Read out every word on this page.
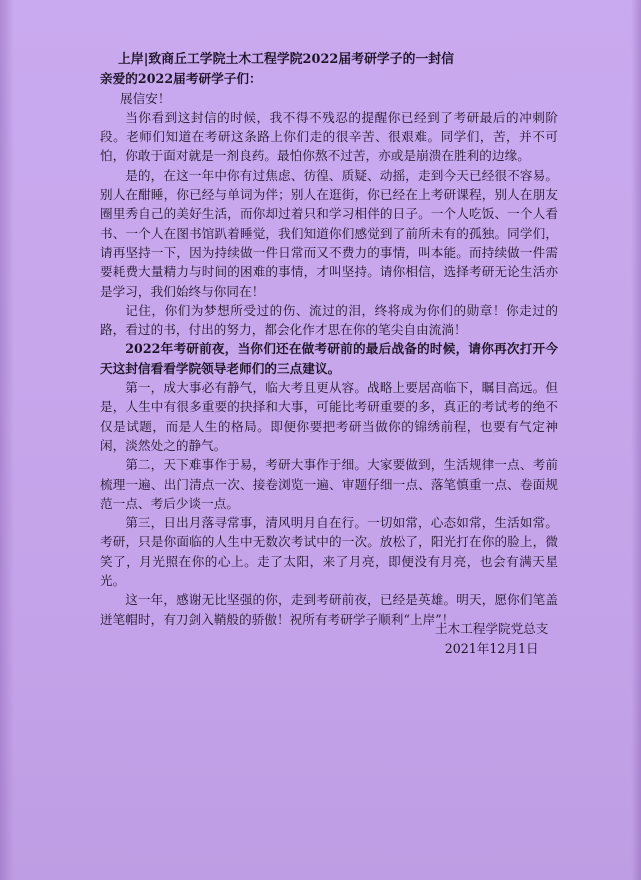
上岸|致商丘工学院土木工程学院2022届考研学子的一封信

亲爱的2022届考研学子们：

展信安！

当你看到这封信的时候，我不得不残忍的提醒你已经到了考研最后的冲刺阶段。老师们知道在考研这条路上你们走的很辛苦、很艰难。同学们，苦，并不可怕，你敢于面对就是一剂良药。最怕你熬不过苦，亦或是崩溃在胜利的边缘。

是的，在这一年中你有过焦虑、彷徨、质疑、动摇，走到今天已经很不容易。别人在酣睡，你已经与单词为伴；别人在逛街，你已经在上考研课程，别人在朋友圈里秀自己的美好生活，而你却过着只和学习相伴的日子。一个人吃饭、一个人看书、一个人在图书馆趴着睡觉，我们知道你们感觉到了前所未有的孤独。同学们，请再坚持一下，因为持续做一件日常而又不费力的事情，叫本能。而持续做一件需要耗费大量精力与时间的困难的事情，才叫坚持。请你相信，选择考研无论生活亦是学习，我们始终与你同在！

记住，你们为梦想所受过的伤、流过的泪，终将成为你们的勋章！你走过的路，看过的书，付出的努力，都会化作才思在你的笔尖自由流淌！

2022年考研前夜，当你们还在做考研前的最后战备的时候，请你再次打开今天这封信看看学院领导老师们的三点建议。

第一，成大事必有静气，临大考且更从容。战略上要居高临下，瞩目高远。但是，人生中有很多重要的抉择和大事，可能比考研重要的多，真正的考试考的绝不仅是试题，而是人生的格局。即便你要把考研当做你的锦绣前程，也要有气定神闲，淡然处之的静气。

第二，天下难事作于易，考研大事作于细。大家要做到，生活规律一点、考前梳理一遍、出门清点一次、接卷浏览一遍、审题仔细一点、落笔慎重一点、卷面规范一点、考后少谈一点。

第三，日出月落寻常事，清风明月自在行。一切如常，心态如常，生活如常。考研，只是你面临的人生中无数次考试中的一次。放松了，阳光打在你的脸上，微笑了，月光照在你的心上。走了太阳，来了月亮，即便没有月亮，也会有满天星光。

这一年，感谢无比坚强的你，走到考研前夜，已经是英雄。明天，愿你们笔盖迸笔帽时，有刀剑入鞘般的骄傲！祝所有考研学子顺利“上岸”！

土木工程学院党总支
2021年12月1日
